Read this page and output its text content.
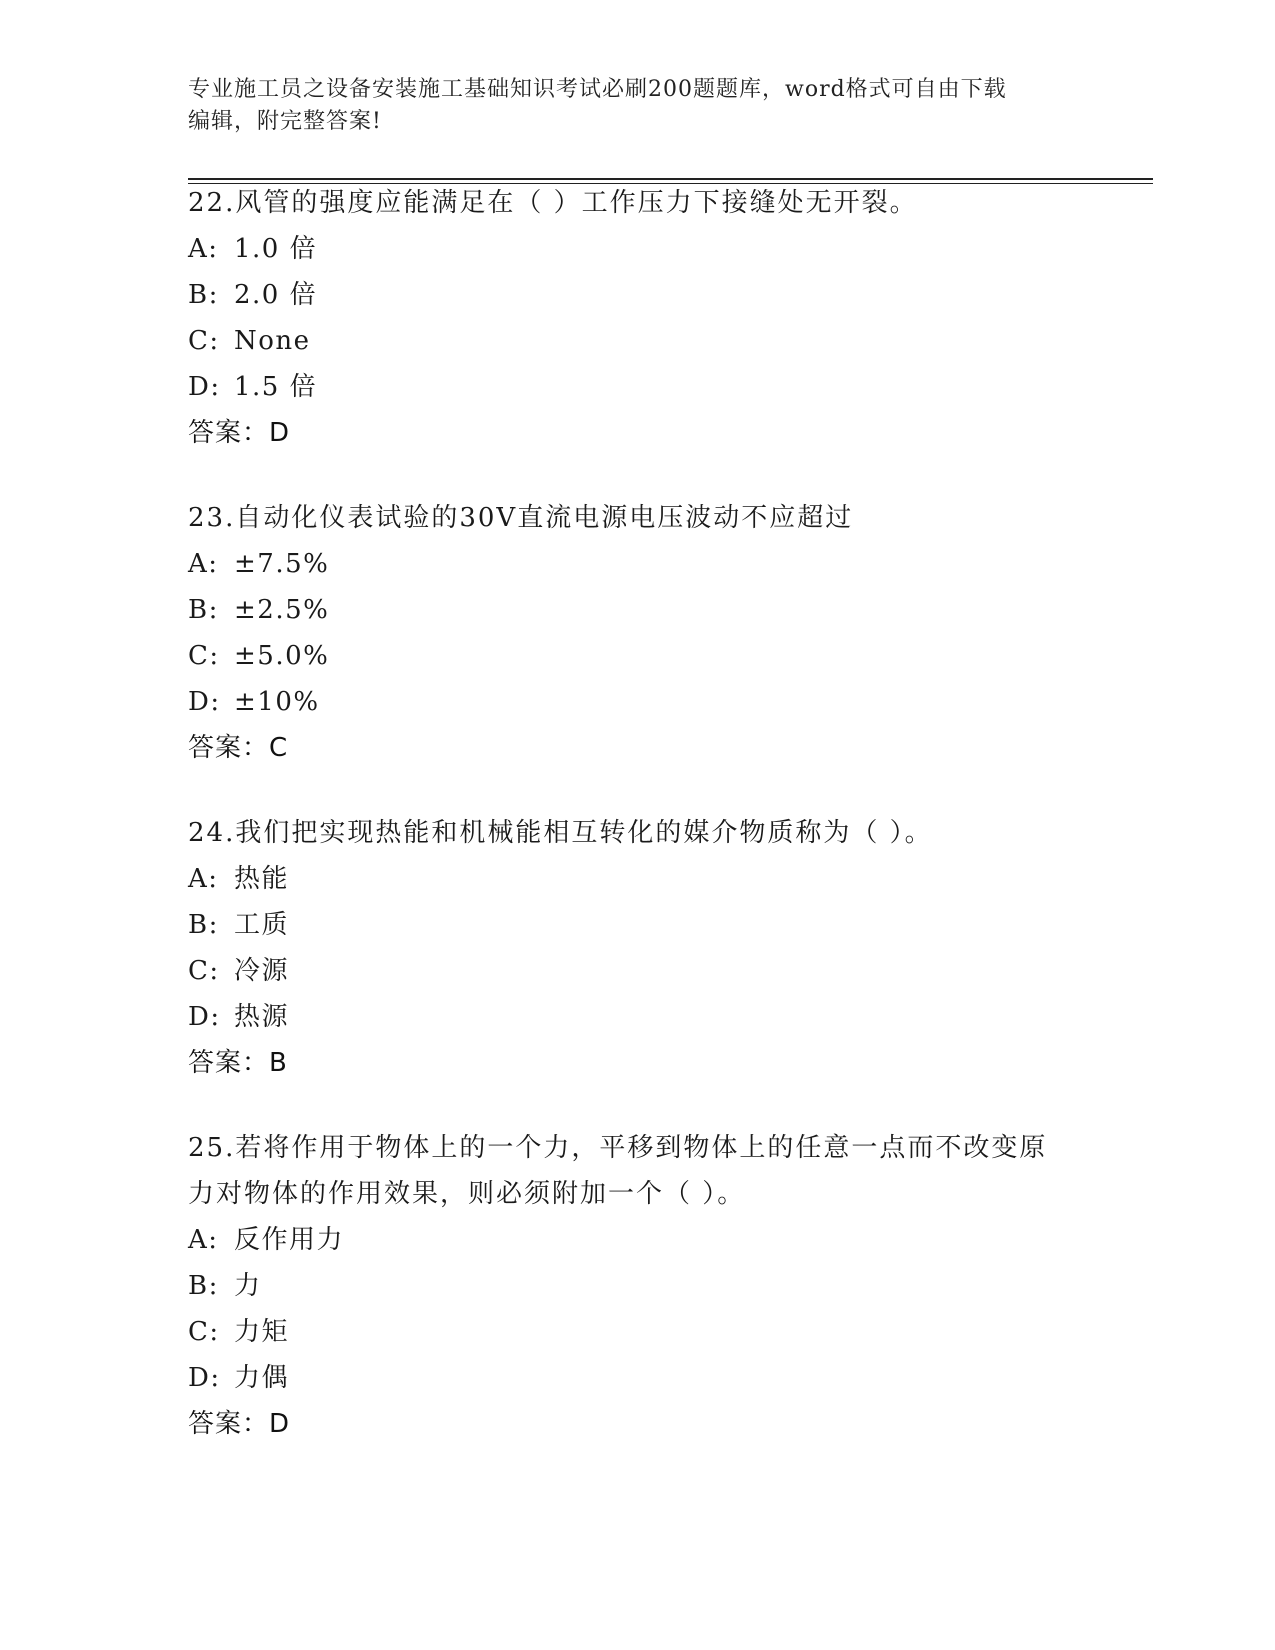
专业施工员之设备安装施工基础知识考试必刷200题题库，word格式可自由下载
编辑，附完整答案!

22.风管的强度应能满足在（ ）工作压力下接缝处无开裂。

A: 1.0 倍

B: 2.0 倍

C: None

D: 1.5 倍

答案：D

23.自动化仪表试验的30V直流电源电压波动不应超过

A: ±7.5%

B: ±2.5%

C: ±5.0%

D: ±10%

答案：C

24.我们把实现热能和机械能相互转化的媒介物质称为（ ）。

A: 热能

B: 工质

C: 冷源

D: 热源

答案：B

25.若将作用于物体上的一个力，平移到物体上的任意一点而不改变原

力对物体的作用效果，则必须附加一个（ ）。

A: 反作用力

B: 力

C: 力矩

D: 力偶

答案：D
